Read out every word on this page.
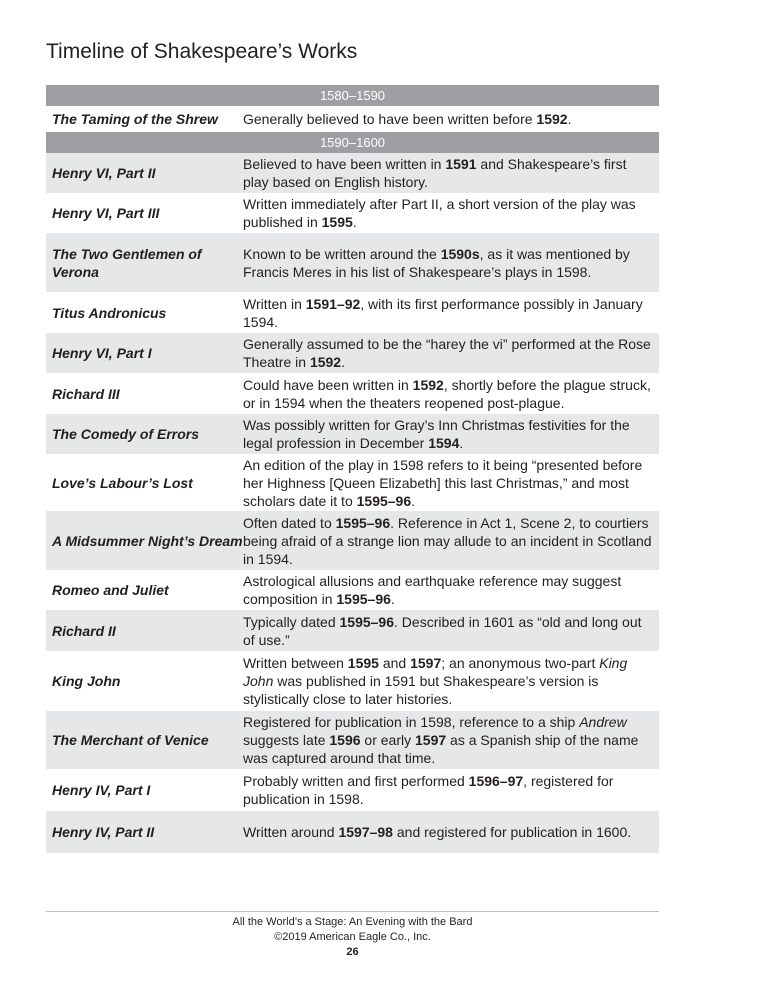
Timeline of Shakespeare’s Works
1580–1590
The Taming of the Shrew	Generally believed to have been written before 1592.
1590–1600
Henry VI, Part II
Believed to have been written in 1591 and Shakespeare’s first play based on English history.
Henry VI, Part III
Written immediately after Part II, a short version of the play was published in 1595.
The Two Gentlemen of Verona
Known to be written around the 1590s, as it was mentioned by Francis Meres in his list of Shakespeare’s plays in 1598.
Titus Andronicus
Written in 1591–92, with its first performance possibly in January 1594.
Henry VI, Part I
Generally assumed to be the “harey the vi” performed at the Rose Theatre in 1592.
Richard III
Could have been written in 1592, shortly before the plague struck, or in 1594 when the theaters reopened post-plague.
The Comedy of Errors
Was possibly written for Gray’s Inn Christmas festivities for the legal profession in December 1594.
Love’s Labour’s Lost
An edition of the play in 1598 refers to it being “presented before her Highness [Queen Elizabeth] this last Christmas,” and most scholars date it to 1595–96.
A Midsummer Night’s Dream
Often dated to 1595–96. Reference in Act 1, Scene 2, to courtiers being afraid of a strange lion may allude to an incident in Scotland in 1594.
Romeo and Juliet
Astrological allusions and earthquake reference may suggest composition in 1595–96.
Richard II
Typically dated 1595–96. Described in 1601 as “old and long out of use.”
King John
Written between 1595 and 1597; an anonymous two-part King John was published in 1591 but Shakespeare’s version is stylistically close to later histories.
The Merchant of Venice
Registered for publication in 1598, reference to a ship Andrew suggests late 1596 or early 1597 as a Spanish ship of the name was captured around that time.
Henry IV, Part I
Probably written and first performed 1596–97, registered for publication in 1598.
Henry IV, Part II	Written around 1597–98 and registered for publication in 1600.
All the World’s a Stage: An Evening with the Bard
©2019 American Eagle Co., Inc.
26
